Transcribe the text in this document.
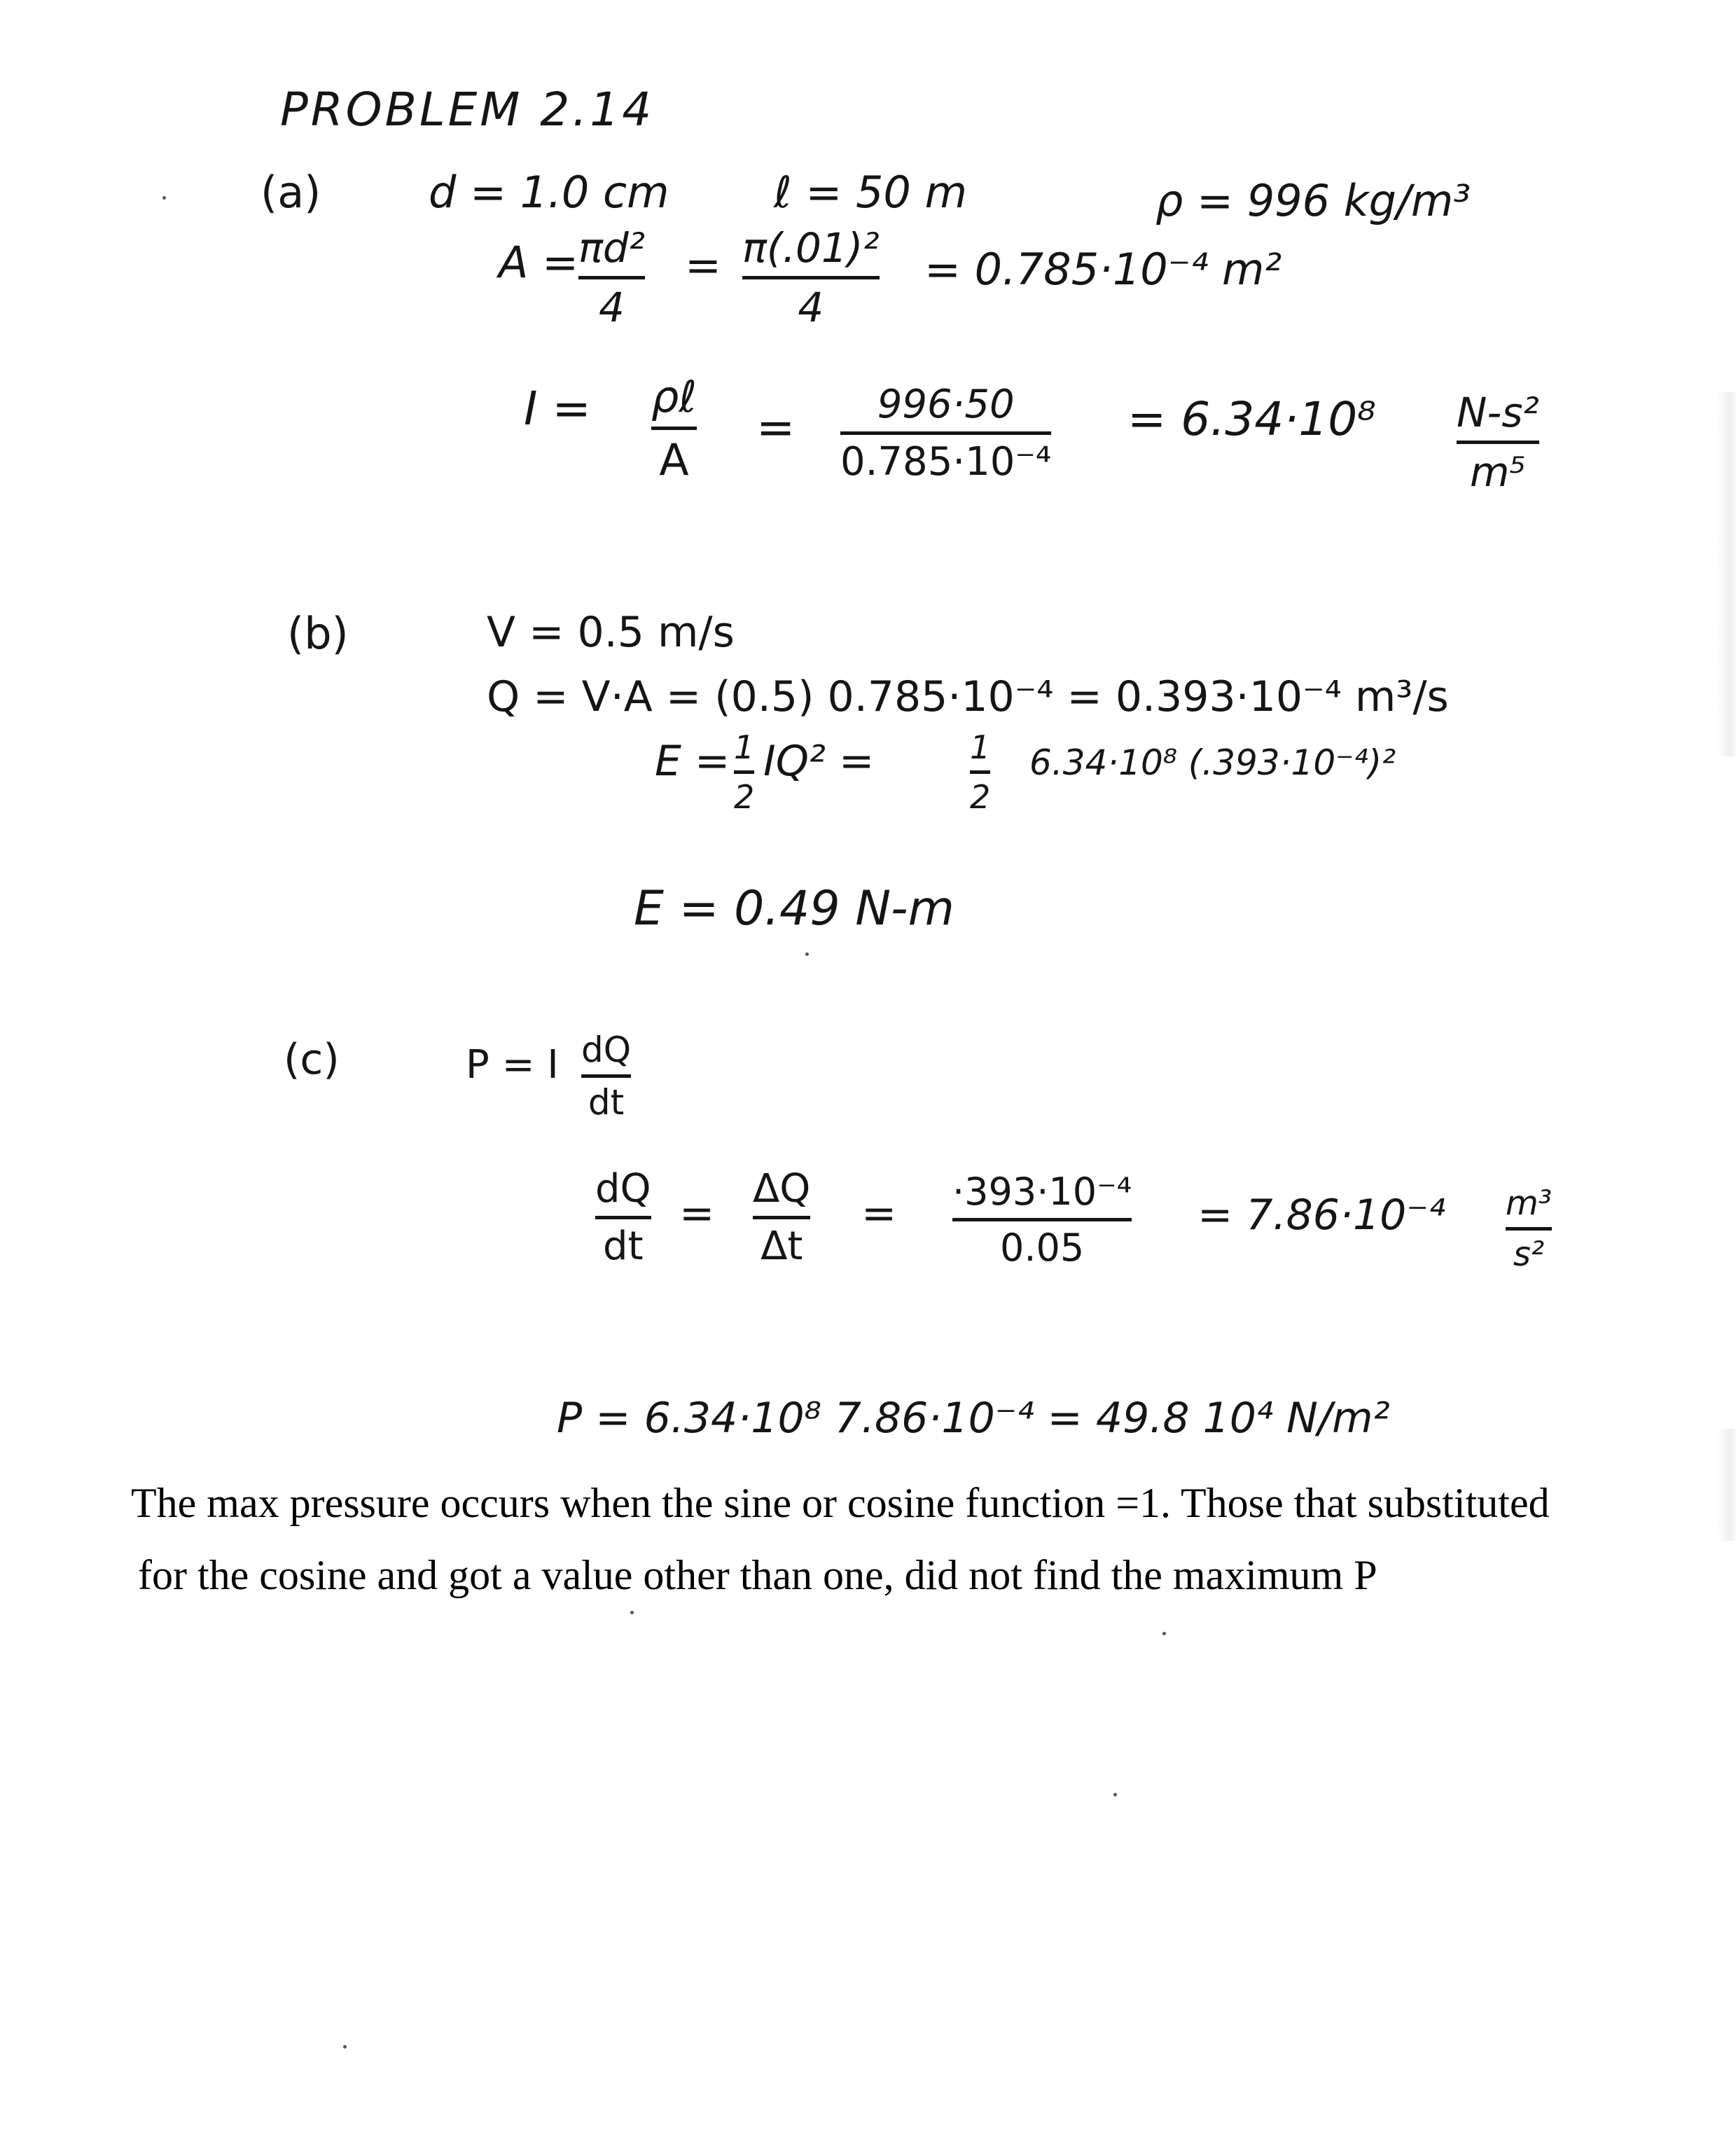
PROBLEM 2.14
(a) d = 1.0 cm ℓ = 50 m	ρ = 996 kg/m³
A = πd²
4
= π(.01)²
4
= 0.785·10⁻⁴ m²
I = ρℓ
A
= 996·50
0.785·10⁻⁴
= 6.34·10⁸ N-s²
m⁵
(b)	V = 0.5 m/s
Q = V·A = (0.5) 0.785·10⁻⁴ = 0.393·10⁻⁴ m³/s
E = 1
2
IQ² =	1
2
6.34·10⁸ (.393·10⁻⁴)²
E = 0.49 N-m
(c)	P = I dQ
dt
dQ
dt
=
ΔQ
Δt
= ·393·10⁻⁴
0.05
= 7.86·10⁻⁴ m³
s²
P = 6.34·10⁸ 7.86·10⁻⁴ = 49.8 10⁴ N/m²
The max pressure occurs when the sine or cosine function =1. Those that substituted
for the cosine and got a value other than one, did not find the maximum P
